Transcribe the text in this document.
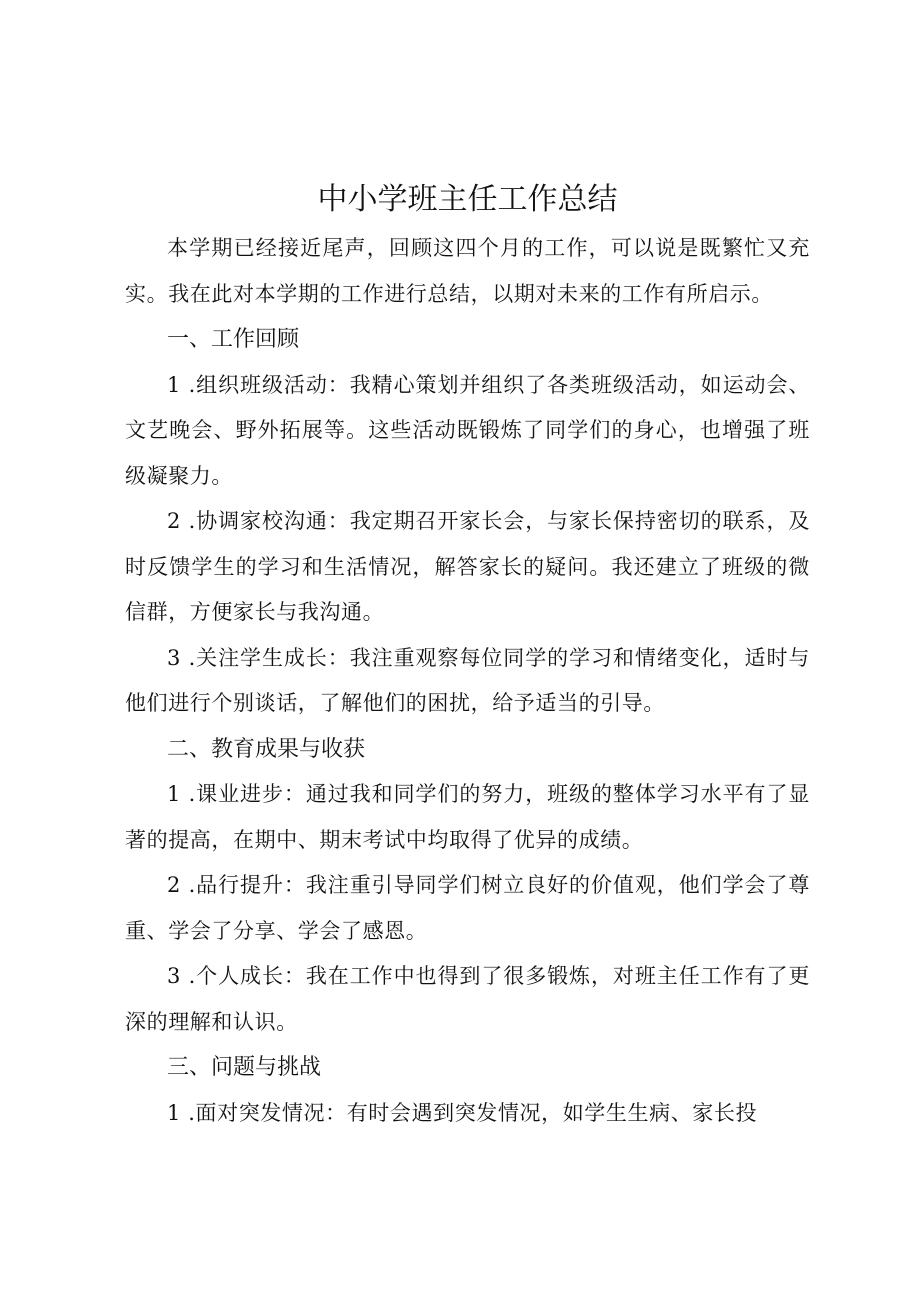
中小学班主任工作总结

本学期已经接近尾声，回顾这四个月的工作，可以说是既繁忙又充实。我在此对本学期的工作进行总结，以期对未来的工作有所启示。

一、工作回顾

1 .组织班级活动：我精心策划并组织了各类班级活动，如运动会、文艺晚会、野外拓展等。这些活动既锻炼了同学们的身心，也增强了班级凝聚力。

2 .协调家校沟通：我定期召开家长会，与家长保持密切的联系，及时反馈学生的学习和生活情况，解答家长的疑问。我还建立了班级的微信群，方便家长与我沟通。

3 .关注学生成长：我注重观察每位同学的学习和情绪变化，适时与他们进行个别谈话，了解他们的困扰，给予适当的引导。

二、教育成果与收获

1 .课业进步：通过我和同学们的努力，班级的整体学习水平有了显著的提高，在期中、期末考试中均取得了优异的成绩。

2 .品行提升：我注重引导同学们树立良好的价值观，他们学会了尊重、学会了分享、学会了感恩。

3 .个人成长：我在工作中也得到了很多锻炼，对班主任工作有了更深的理解和认识。

三、问题与挑战

1 .面对突发情况：有时会遇到突发情况，如学生生病、家长投
